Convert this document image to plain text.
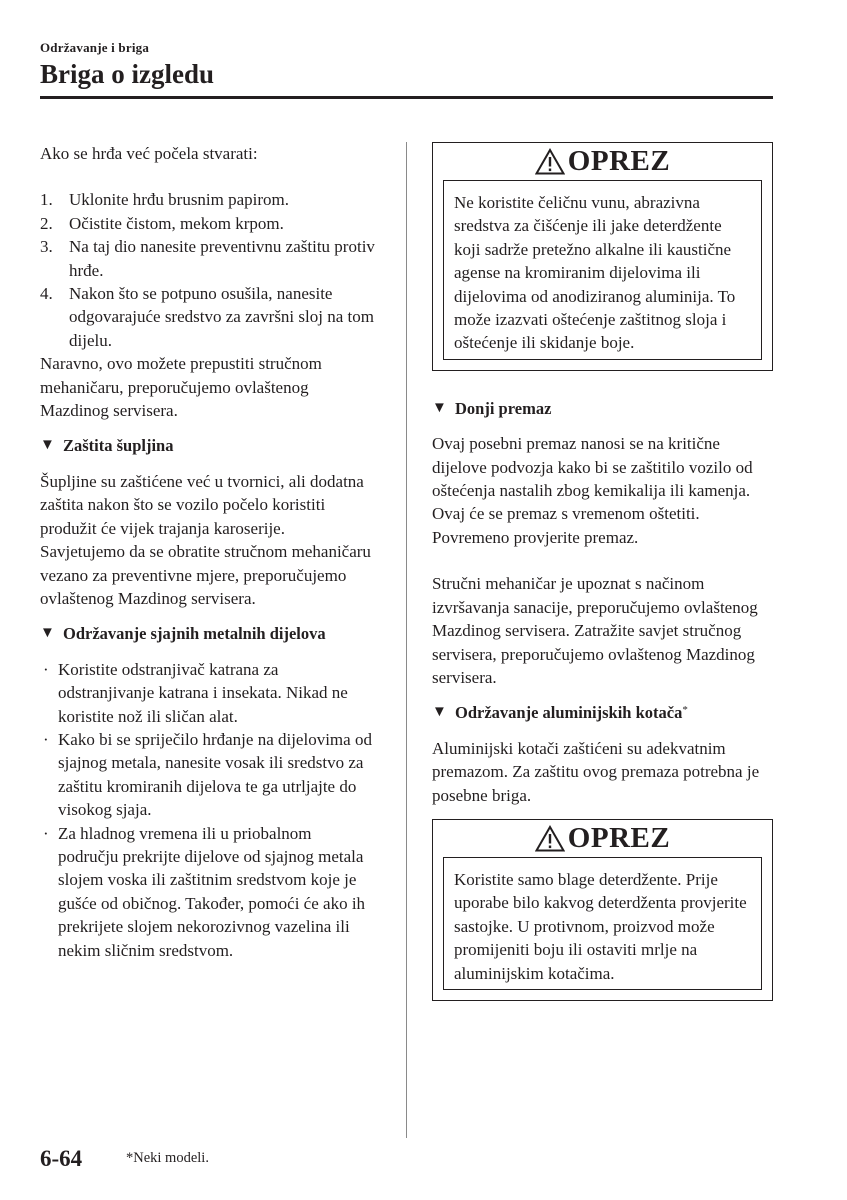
Održavanje i briga
Briga o izgledu

Ako se hrđa već počela stvarati:

1. Uklonite hrđu brusnim papirom.
2. Očistite čistom, mekom krpom.
3. Na taj dio nanesite preventivnu zaštitu protiv hrđe.
4. Nakon što se potpuno osušila, nanesite odgovarajuće sredstvo za završni sloj na tom dijelu.

Naravno, ovo možete prepustiti stručnom mehaničaru, preporučujemo ovlaštenog Mazdinog servisera.

▼ Zaštita šupljina

Šupljine su zaštićene već u tvornici, ali dodatna zaštita nakon što se vozilo počelo koristiti produžit će vijek trajanja karoserije.

Savjetujemo da se obratite stručnom mehaničaru vezano za preventivne mjere, preporučujemo ovlaštenog Mazdinog servisera.

▼ Održavanje sjajnih metalnih dijelova
· Koristite odstranjivač katrana za odstranjivanje katrana i insekata. Nikad ne koristite nož ili sličan alat.
· Kako bi se spriječilo hrđanje na dijelovima od sjajnog metala, nanesite vosak ili sredstvo za zaštitu kromiranih dijelova te ga utrljajte do visokog sjaja.
· Za hladnog vremena ili u priobalnom području prekrijte dijelove od sjajnog metala slojem voska ili zaštitnim sredstvom koje je gušće od običnog. Također, pomoći će ako ih prekrijete slojem nekorozivnog vazelina ili nekim sličnim sredstvom.
OPREZ

Ne koristite čeličnu vunu, abrazivna sredstva za čišćenje ili jake deterdžente koji sadrže pretežno alkalne ili kaustične agense na kromiranim dijelovima ili dijelovima od anodiziranog aluminija. To može izazvati oštećenje zaštitnog sloja i oštećenje ili skidanje boje.

▼ Donji premaz

Ovaj posebni premaz nanosi se na kritične dijelove podvozja kako bi se zaštitilo vozilo od oštećenja nastalih zbog kemikalija ili kamenja. Ovaj će se premaz s vremenom oštetiti. Povremeno provjerite premaz.

Stručni mehaničar je upoznat s načinom izvršavanja sanacije, preporučujemo ovlaštenog Mazdinog servisera. Zatražite savjet stručnog servisera, preporučujemo ovlaštenog Mazdinog servisera.

▼ Održavanje aluminijskih kotača*

Aluminijski kotači zaštićeni su adekvatnim premazom. Za zaštitu ovog premaza potrebna je posebne briga.

OPREZ

Koristite samo blage deterdžente. Prije uporabe bilo kakvog deterdženta provjerite sastojke. U protivnom, proizvod može promijeniti boju ili ostaviti mrlje na aluminijskim kotačima.

6-64	*Neki modeli.
